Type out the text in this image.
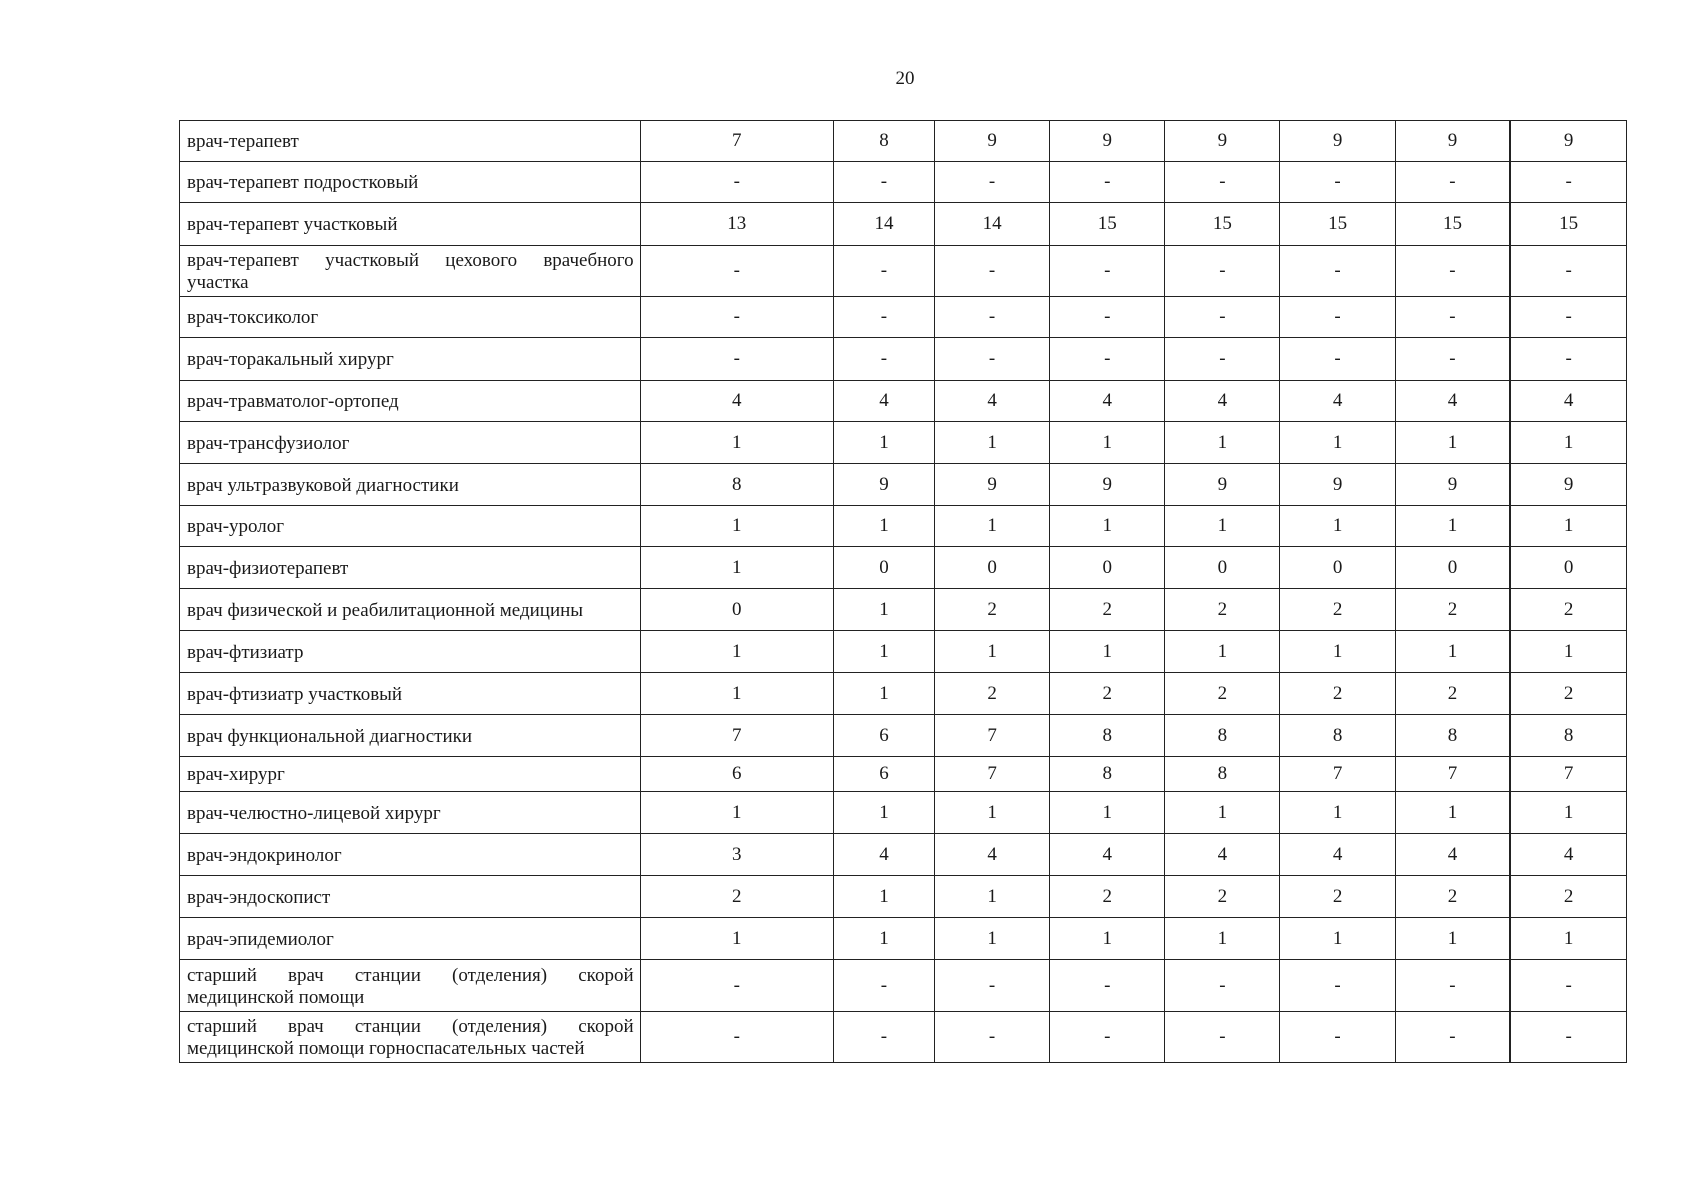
20
врач-терапевт	7	8	9	9	9	9	9	9
врач-терапевт подростковый	-	-	-	-	-	-	-	-
врач-терапевт участковый	13	14	14	15	15	15	15	15
врач-терапевт участковый цехового врачебного участка	-	-	-	-	-	-	-	-
врач-токсиколог	-	-	-	-	-	-	-	-
врач-торакальный хирург	-	-	-	-	-	-	-	-
врач-травматолог-ортопед	4	4	4	4	4	4	4	4
врач-трансфузиолог	1	1	1	1	1	1	1	1
врач ультразвуковой диагностики	8	9	9	9	9	9	9	9
врач-уролог	1	1	1	1	1	1	1	1
врач-физиотерапевт	1	0	0	0	0	0	0	0
врач физической и реабилитационной медицины	0	1	2	2	2	2	2	2
врач-фтизиатр	1	1	1	1	1	1	1	1
врач-фтизиатр участковый	1	1	2	2	2	2	2	2
врач функциональной диагностики	7	6	7	8	8	8	8	8
врач-хирург	6	6	7	8	8	7	7	7
врач-челюстно-лицевой хирург	1	1	1	1	1	1	1	1
врач-эндокринолог	3	4	4	4	4	4	4	4
врач-эндоскопист	2	1	1	2	2	2	2	2
врач-эпидемиолог	1	1	1	1	1	1	1	1
старший врач станции (отделения) скорой медицинской помощи	-	-	-	-	-	-	-	-
старший врач станции (отделения) скорой медицинской помощи горноспасательных частей	-	-	-	-	-	-	-	-
